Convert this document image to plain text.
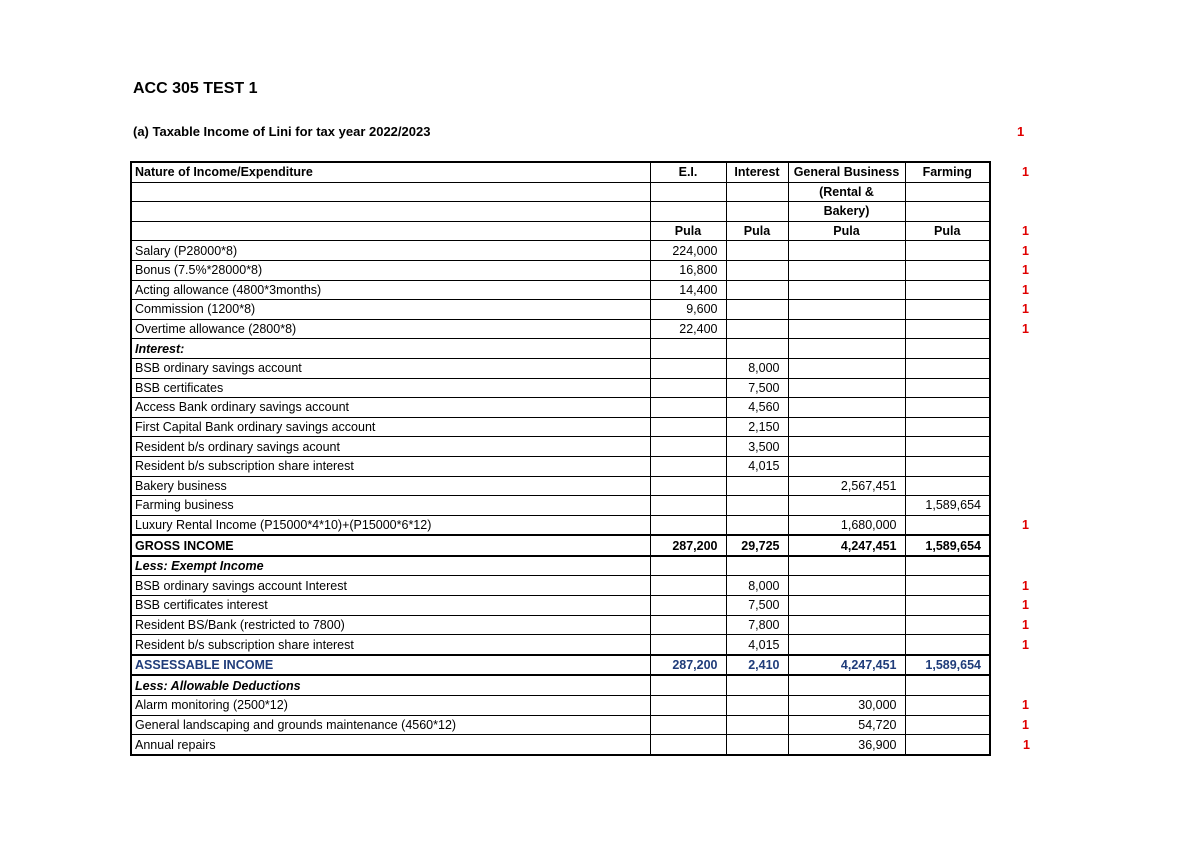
ACC 305 TEST 1
(a) Taxable Income of Lini for tax year 2022/2023	1
Nature of Income/Expenditure	E.I.	Interest	General Business	Farming	1
			(Rental &		
			Bakery)		
	Pula	Pula	Pula	Pula	1
Salary (P28000*8)	224,000				1
Bonus (7.5%*28000*8)	16,800				1
Acting allowance (4800*3months)	14,400				1
Commission (1200*8)	9,600				1
Overtime allowance (2800*8)	22,400				1
Interest:					
BSB ordinary savings account		8,000			
BSB certificates		7,500			
Access Bank ordinary savings account		4,560			
First Capital Bank ordinary savings account		2,150			
Resident b/s ordinary savings acount		3,500			
Resident b/s subscription share interest		4,015			
Bakery business			2,567,451		
Farming business				1,589,654	
Luxury Rental Income (P15000*4*10)+(P15000*6*12)			1,680,000		1
GROSS INCOME	287,200	29,725	4,247,451	1,589,654	
Less: Exempt Income					
BSB ordinary savings account Interest		8,000			1
BSB certificates interest		7,500			1
Resident BS/Bank (restricted to 7800)		7,800			1
Resident b/s subscription share interest		4,015			1
ASSESSABLE INCOME	287,200	2,410	4,247,451	1,589,654	
Less: Allowable Deductions					
Alarm monitoring (2500*12)			30,000		1
General landscaping and grounds maintenance (4560*12)			54,720		1
Annual repairs			36,900		1
